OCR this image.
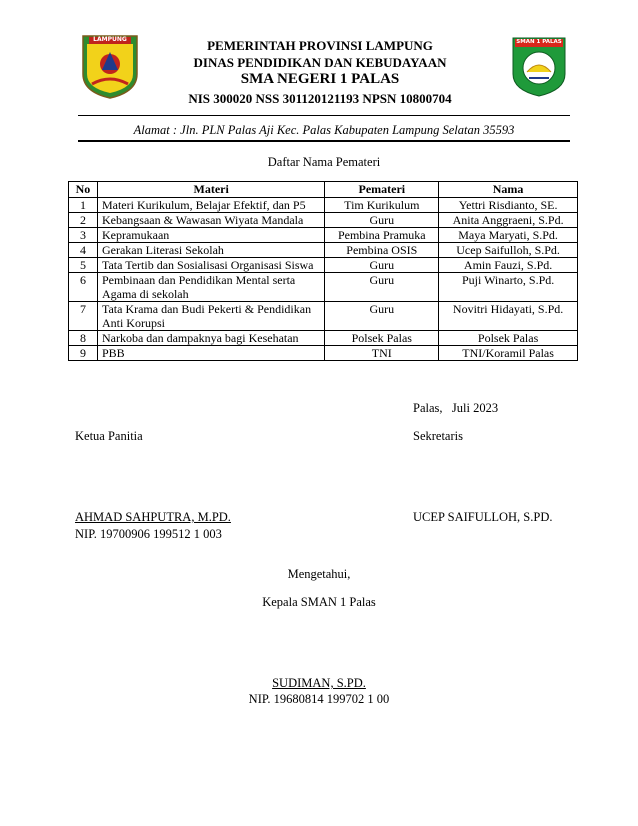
LAMPUNG	PEMERINTAH PROVINSI LAMPUNG
DINAS PENDIDIKAN DAN KEBUDAYAAN
SMA NEGERI 1 PALAS
NIS 300020 NSS 301120121193 NPSN 10800704
SMAN 1 PALAS
Alamat : Jln. PLN Palas Aji Kec. Palas Kabupaten Lampung Selatan 35593
Daftar Nama Pemateri
No	Materi	Pemateri	Nama
1	Materi Kurikulum, Belajar Efektif, dan P5	Tim Kurikulum	Yettri Risdianto, SE.
2	Kebangsaan & Wawasan Wiyata Mandala	Guru	Anita Anggraeni, S.Pd.
3	Kepramukaan	Pembina Pramuka	Maya Maryati, S.Pd.
4	Gerakan Literasi Sekolah	Pembina OSIS	Ucep Saifulloh, S.Pd.
5	Tata Tertib dan Sosialisasi Organisasi Siswa	Guru	Amin Fauzi, S.Pd.
6	Pembinaan dan Pendidikan Mental serta Agama di sekolah	Guru	Puji Winarto, S.Pd.
7	Tata Krama dan Budi Pekerti & Pendidikan Anti Korupsi	Guru	Novitri Hidayati, S.Pd.
8	Narkoba dan dampaknya bagi Kesehatan	Polsek Palas	Polsek Palas
9	PBB	TNI	TNI/Koramil Palas
Palas,   Juli 2023
Ketua Panitia	Sekretaris
AHMAD SAHPUTRA, M.PD.
NIP. 19700906 199512 1 003
UCEP SAIFULLOH, S.PD.
Mengetahui,
Kepala SMAN 1 Palas
SUDIMAN, S.PD.
NIP. 19680814 199702 1 00
